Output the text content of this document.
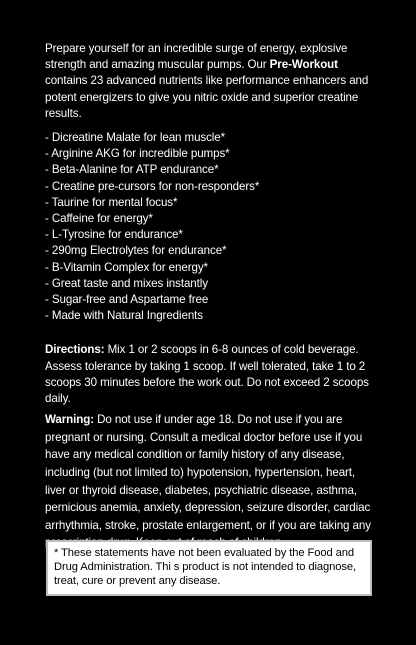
Prepare yourself for an incredible surge of energy, explosive strength and amazing muscular pumps. Our Pre-Workout contains 23 advanced nutrients like performance enhancers and potent energizers to give you nitric oxide and superior creatine results.

- Dicreatine Malate for lean muscle*
- Arginine AKG for incredible pumps*
- Beta-Alanine for ATP endurance*
- Creatine pre-cursors for non-responders*
- Taurine for mental focus*
- Caffeine for energy*
- L-Tyrosine for endurance*
- 290mg Electrolytes for endurance*
- B-Vitamin Complex for energy*
- Great taste and mixes instantly
- Sugar-free and Aspartame free
- Made with Natural Ingredients

Directions: Mix 1 or 2 scoops in 6-8 ounces of cold beverage.Assess tolerance by taking 1 scoop. If well tolerated, take 1 to 2 scoops 30 minutes before the work out. Do not exceed 2 scoops daily.

Warning: Do not use if under age 18. Do not use if you are pregnant or nursing. Consult a medical doctor before use if you have any medical condition or family history of any disease, including (but not limited to) hypotension, hypertension, heart, liver or thyroid disease, diabetes, psychiatric disease, asthma, pernicious anemia, anxiety, depression, seizure disorder, cardiac arrhythmia, stroke, prostate enlargement, or if you are taking any

* These statements have not been evaluated by the Food and Drug Administration. Thi s product is not intended to diagnose, treat, cure or prevent any disease.
